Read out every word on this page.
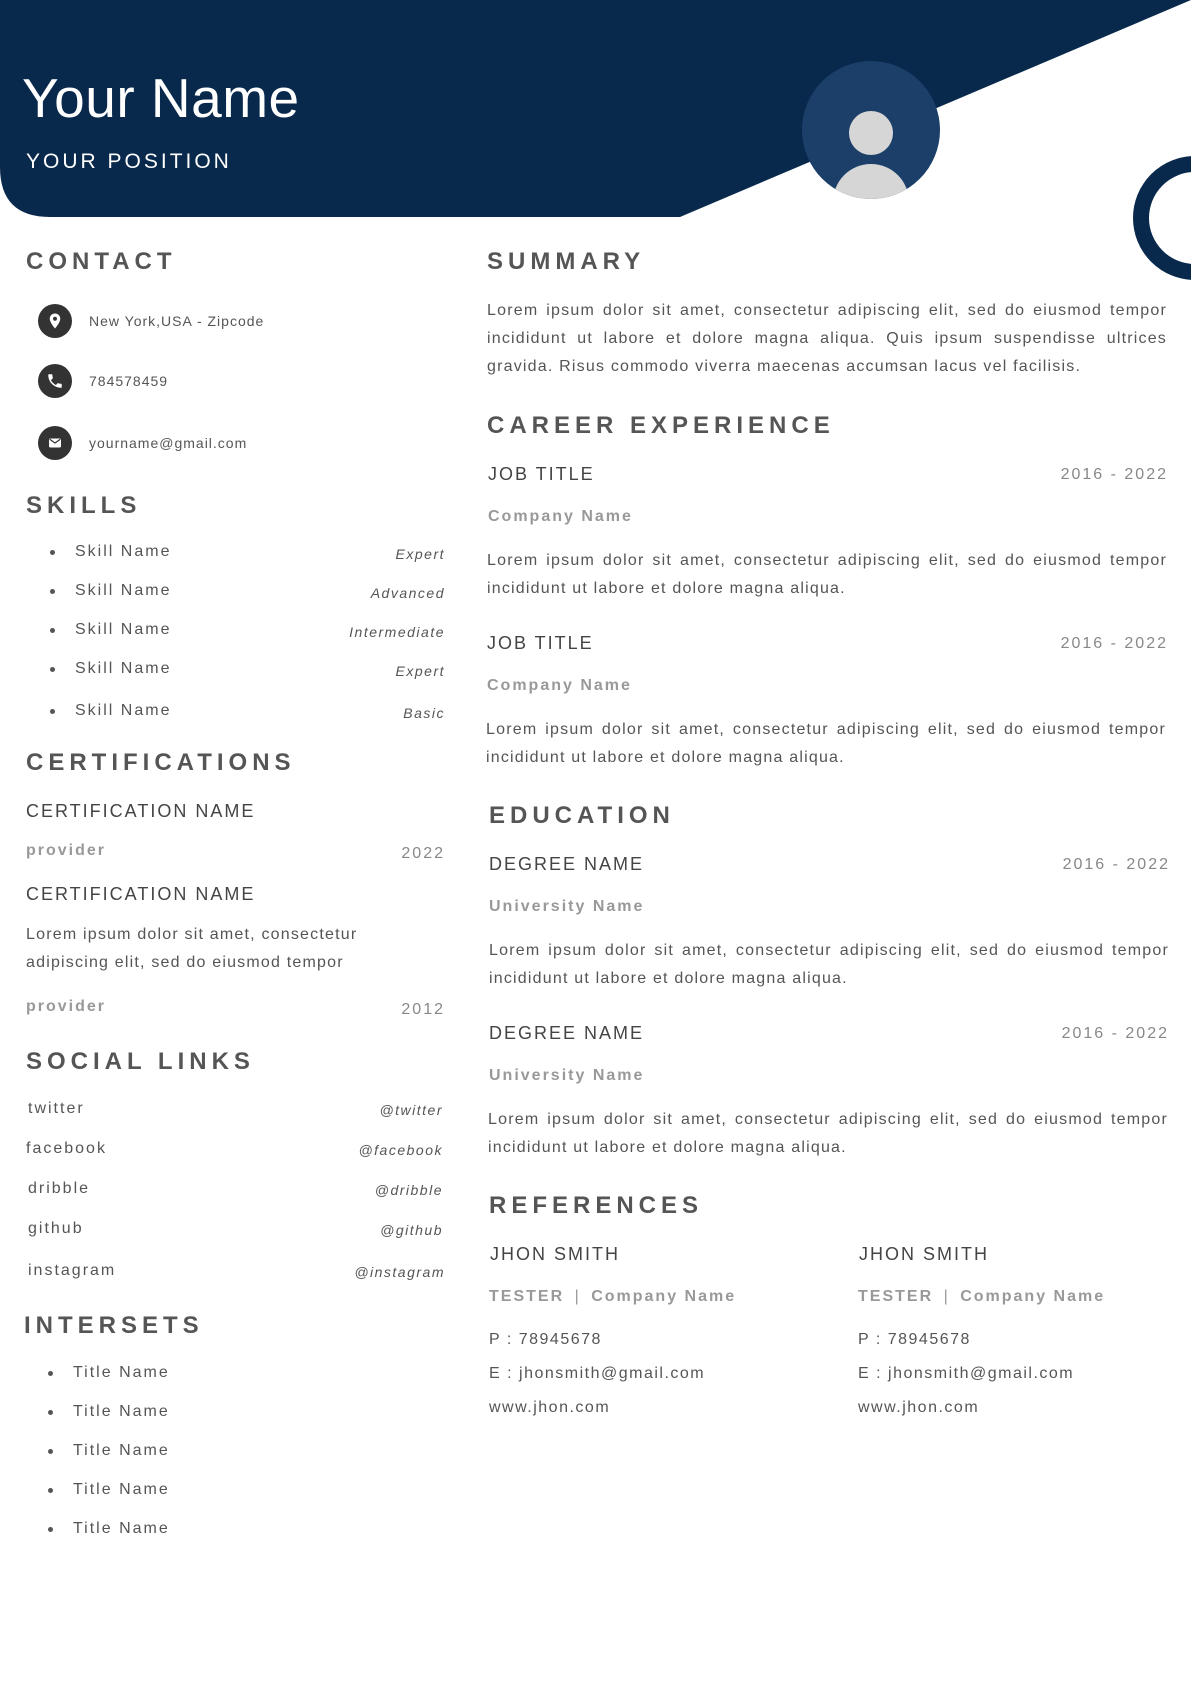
Your Name
YOUR POSITION
CONTACT
New York,USA - Zipcode
784578459
yourname@gmail.com
SKILLS
Skill Name	Expert
Skill Name	Advanced
Skill Name	Intermediate
Skill Name	Expert
Skill Name	Basic
CERTIFICATIONS
CERTIFICATION NAME
provider	2022
CERTIFICATION NAME
Lorem ipsum dolor sit amet, consectetur adipiscing elit, sed do eiusmod tempor
provider	2012
SOCIAL LINKS
twitter	@twitter
facebook	@facebook
dribble	@dribble
github	@github
instagram	@instagram
INTERSETS
Title Name
Title Name
Title Name
Title Name
Title Name
SUMMARY
Lorem ipsum dolor sit amet, consectetur adipiscing elit, sed do eiusmod tempor incididunt ut labore et dolore magna aliqua. Quis ipsum suspendisse ultrices gravida. Risus commodo viverra maecenas accumsan lacus vel facilisis.
CAREER EXPERIENCE
JOB TITLE	2016 - 2022
Company Name
Lorem ipsum dolor sit amet, consectetur adipiscing elit, sed do eiusmod tempor incididunt ut labore et dolore magna aliqua.
JOB TITLE	2016 - 2022
Company Name
Lorem ipsum dolor sit amet, consectetur adipiscing elit, sed do eiusmod tempor incididunt ut labore et dolore magna aliqua.
EDUCATION
DEGREE NAME	2016 - 2022
University Name
Lorem ipsum dolor sit amet, consectetur adipiscing elit, sed do eiusmod tempor incididunt ut labore et dolore magna aliqua.
DEGREE NAME	2016 - 2022
University Name
Lorem ipsum dolor sit amet, consectetur adipiscing elit, sed do eiusmod tempor incididunt ut labore et dolore magna aliqua.
REFERENCES
JHON SMITH
TESTER | Company Name
P : 78945678
E : jhonsmith@gmail.com
www.jhon.com
JHON SMITH
TESTER | Company Name
P : 78945678
E : jhonsmith@gmail.com
www.jhon.com
